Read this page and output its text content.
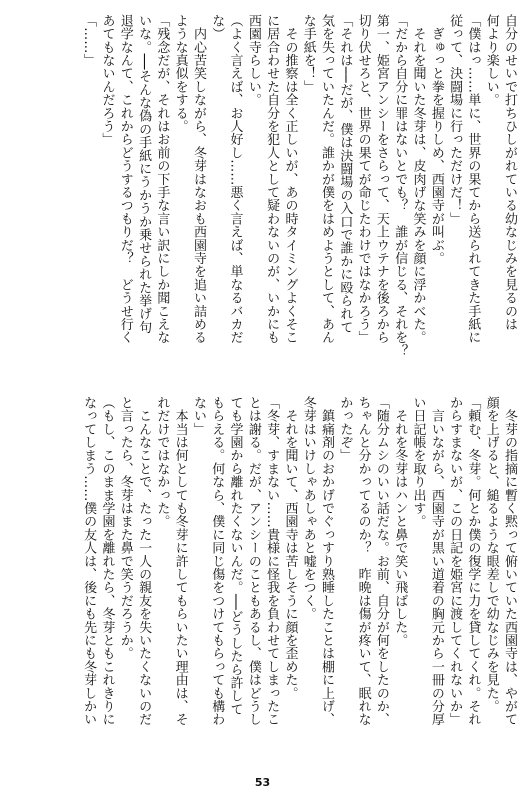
自分のせいで打ちひしがれている幼なじみを見るのは
何より楽しい。
「僕はっ……単に、世界の果てから送られてきた手紙に
従って、決闘場に行っただけだ！」
　ぎゅっと拳を握りしめ、西園寺が叫ぶ。
　それを聞いた冬芽は、皮肉げな笑みを顔に浮かべた。
「だから自分に罪はないとでも？　誰が信じる、それを？
第一、姫宮アンシーをさらって、天上ウテナを後ろから
切り伏せろと、世界の果てが命じたわけではなかろう」
「それは──だが、僕は決闘場の入口で誰かに殴られて
気を失っていたんだ。誰かが僕をはめようとして、あん
な手紙を！」
　その推察は全く正しいが、あの時タイミングよくそこ
に居合わせた自分を犯人として疑わないのが、いかにも
西園寺らしい。
（よく言えば、お人好し……悪く言えば、単なるバカだ
な）
　内心苦笑しながら、冬芽はなおも西園寺を追い詰める
ような真似をする。
「残念だが、それはお前の下手な言い訳にしか聞こえな
いな。──そんな偽の手紙にうかうか乗せられた挙げ句
退学なんて、これからどうするつもりだ？　どうせ行く
あてもないんだろう」
「……」
　冬芽の指摘に暫く黙って俯いていた西園寺は、やがて
顔を上げると、縋るような眼差しで幼なじみを見た。
「頼む、冬芽。何とか僕の復学に力を貸してくれ。それ
からすまないが、この日記を姫宮に渡してくれないか」
　言いながら、西園寺が黒い道着の胸元から一冊の分厚
い日記帳を取り出す。
　それを冬芽はハンと鼻で笑い飛ばした。
「随分ムシのいい話だな。お前、自分が何をしたのか、
ちゃんと分かってるのか？　昨晩は傷が疼いて、眠れな
かったぞ」
　鎮痛剤のおかげでぐっすり熟睡したことは棚に上げ、
冬芽はいけしゃあしゃあと嘘をつく。
　それを聞いて、西園寺は苦しそうに顔を歪めた。
「冬芽、すまない……貴様に怪我を負わせてしまったこ
とは謝る。だが、アンシーのこともあるし、僕はどうし
ても学園から離れたくないんだ。──どうしたら許して
もらえる。何なら、僕に同じ傷をつけてもらっても構わ
ない」
　本当は何としても冬芽に許してもらいたい理由は、そ
れだけではなかった。
　こんなことで、たった一人の親友を失いたくないのだ
と言ったら、冬芽はまた鼻で笑うだろうか。
（もし、このまま学園を離れたら、冬芽ともこれきりに
なってしまう……僕の友人は、後にも先にも冬芽しかい
53
